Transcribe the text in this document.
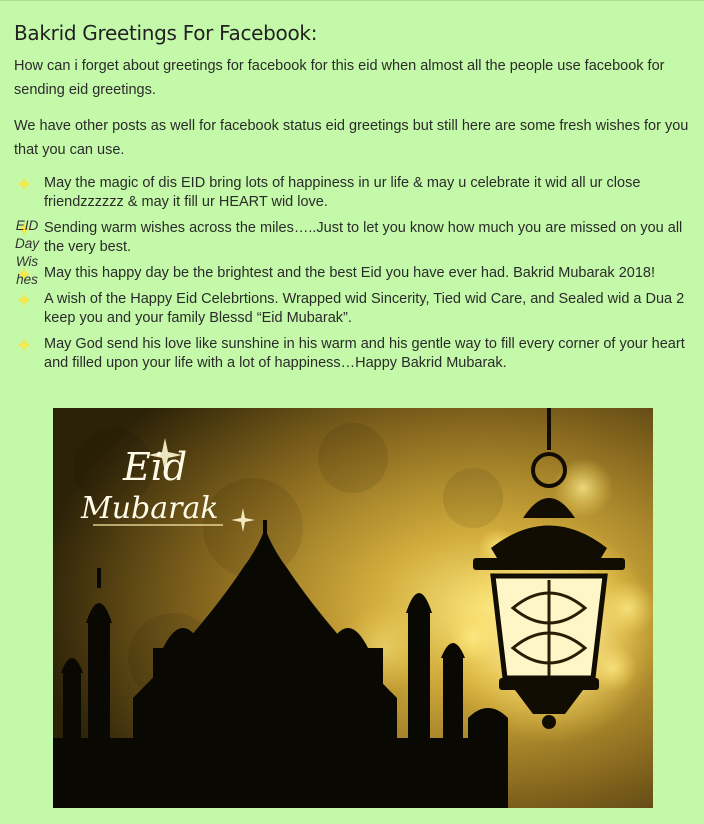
Bakrid Greetings For Facebook:

How can i forget about greetings for facebook for this eid when almost all the people use facebook for sending eid greetings.

We have other posts as well for facebook status eid greetings but still here are some fresh wishes for you that you can use.

May the magic of dis EID bring lots of happiness in ur life & may u celebrate it wid all ur close friendzzzzzz & may it fill ur HEART wid love.
Sending warm wishes across the miles…..Just to let you know how much you are missed on you all the very best.
May this happy day be the brightest and the best Eid you have ever had. Bakrid Mubarak 2018!
A wish of the Happy Eid Celebrtions. Wrapped wid Sincerity, Tied wid Care, and Sealed wid a Dua 2 keep you and your family Blessd “Eid Mubarak”.
May God send his love like sunshine in his warm and his gentle way to fill every corner of your heart and filled upon your life with a lot of happiness…Happy Bakrid Mubarak.
EID Day Wishes
Eid
Mubarak
